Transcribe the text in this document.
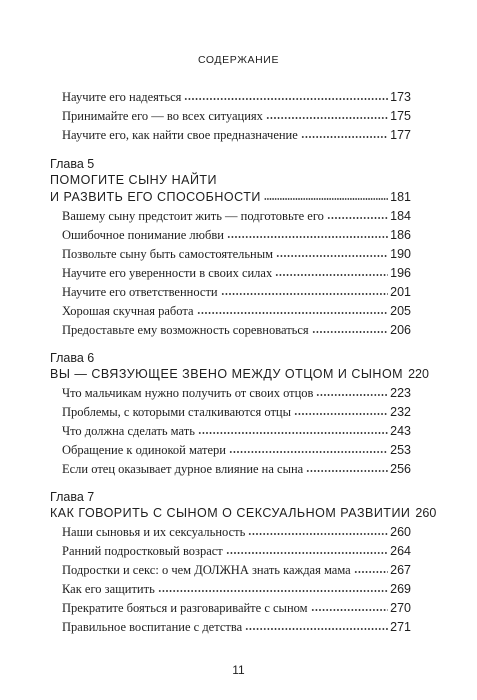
СОДЕРЖАНИЕ
Научите его надеяться	173
Принимайте его — во всех ситуациях	175
Научите его, как найти свое предназначение	177
Глава 5
ПОМОГИТЕ СЫНУ НАЙТИ
И РАЗВИТЬ ЕГО СПОСОБНОСТИ	181
Вашему сыну предстоит жить — подготовьте его	184
Ошибочное понимание любви	186
Позвольте сыну быть самостоятельным	190
Научите его уверенности в своих силах	196
Научите его ответственности	201
Хорошая скучная работа	205
Предоставьте ему возможность соревноваться	206
Глава 6
ВЫ — СВЯЗУЮЩЕЕ ЗВЕНО МЕЖДУ ОТЦОМ И СЫНОМ 220
Что мальчикам нужно получить от своих отцов	223
Проблемы, с которыми сталкиваются отцы	232
Что должна сделать мать	243
Обращение к одинокой матери	253
Если отец оказывает дурное влияние на сына	256
Глава 7
КАК ГОВОРИТЬ С СЫНОМ О СЕКСУАЛЬНОМ РАЗВИТИИ 260
Наши сыновья и их сексуальность	260
Ранний подростковый возраст	264
Подростки и секс: о чем ДОЛЖНА знать каждая мама	267
Как его защитить	269
Прекратите бояться и разговаривайте с сыном	270
Правильное воспитание с детства	271
11
